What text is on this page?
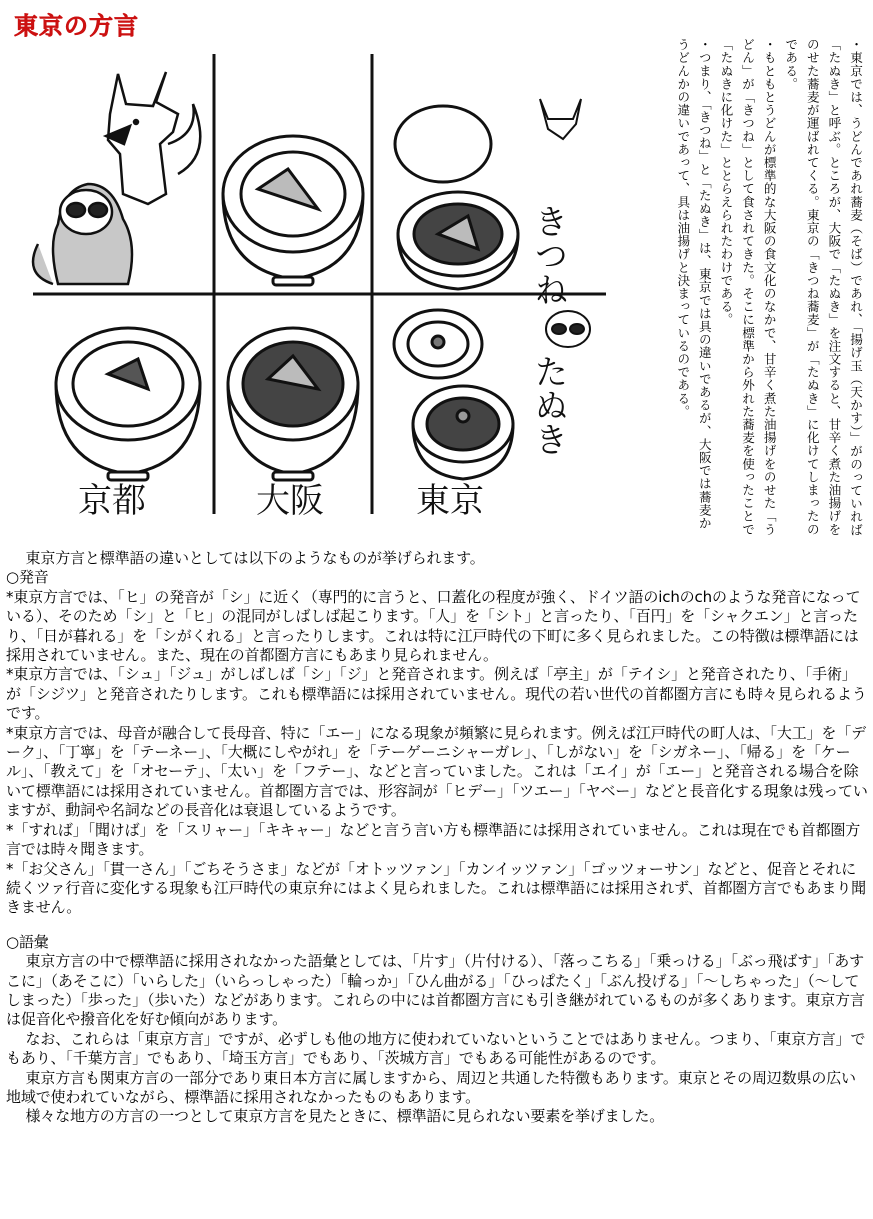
東京の方言
きつね
たぬき
京都	大阪	東京	・東京では、うどんであれ蕎麦（そば）であれ、「揚げ玉（天かす）」がのっていれば「たぬき」と呼ぶ。ところが、大阪で「たぬき」を注文すると、甘辛く煮た油揚げをのせた蕎麦が運ばれてくる。東京の「きつね蕎麦」が「たぬき」に化けてしまったのである。

・もともとうどんが標準的な大阪の食文化のなかで、甘辛く煮た油揚げをのせた「うどん」が「きつね」として食されてきた。そこに標準から外れた蕎麦を使ったことで「たぬきに化けた」ととらえられたわけである。

・つまり、「きつね」と「たぬき」は、東京では具の違いであるが、大阪では蕎麦かうどんかの違いであって、具は油揚げと決まっているのである。

東京方言と標準語の違いとしては以下のようなものが挙げられます。

○発音

*東京方言では、「ヒ」の発音が「シ」に近く（専門的に言うと、口蓋化の程度が強く、ドイツ語のichのchのような発音になっている）、そのため「シ」と「ヒ」の混同がしばしば起こります。「人」を「シト」と言ったり、「百円」を「シャクエン」と言ったり、「日が暮れる」を「シがくれる」と言ったりします。これは特に江戸時代の下町に多く見られました。この特徴は標準語には採用されていません。また、現在の首都圏方言にもあまり見られません。

*東京方言では、「シュ」「ジュ」がしばしば「シ」「ジ」と発音されます。例えば「亭主」が「テイシ」と発音されたり、「手術」が「シジツ」と発音されたりします。これも標準語には採用されていません。現代の若い世代の首都圏方言にも時々見られるようです。

*東京方言では、母音が融合して長母音、特に「エー」になる現象が頻繁に見られます。例えば江戸時代の町人は、「大工」を「デーク」、「丁寧」を「テーネー」、「大概にしやがれ」を「テーゲーニシャーガレ」、「しがない」を「シガネー」、「帰る」を「ケール」、「教えて」を「オセーテ」、「太い」を「フテー」、などと言っていました。これは「エイ」が「エー」と発音される場合を除いて標準語には採用されていません。首都圏方言では、形容詞が「ヒデー」「ツエー」「ヤベー」などと長音化する現象は残っていますが、動詞や名詞などの長音化は衰退しているようです。

*「すれば」「聞けば」を「スリャー」「キキャー」などと言う言い方も標準語には採用されていません。これは現在でも首都圏方言では時々聞きます。

*「お父さん」「貫一さん」「ごちそうさま」などが「オトッツァン」「カンイッツァン」「ゴッツォーサン」などと、促音とそれに続くツァ行音に変化する現象も江戸時代の東京弁にはよく見られました。これは標準語には採用されず、首都圏方言でもあまり聞きません。

○語彙

東京方言の中で標準語に採用されなかった語彙としては、「片す」（片付ける）、「落っこちる」「乗っける」「ぶっ飛ばす」「あすこに」（あそこに）「いらした」（いらっしゃった）「輪っか」「ひん曲がる」「ひっぱたく」「ぶん投げる」「～しちゃった」（～してしまった）「歩った」（歩いた）などがあります。これらの中には首都圏方言にも引き継がれているものが多くあります。東京方言は促音化や撥音化を好む傾向があります。

なお、これらは「東京方言」ですが、必ずしも他の地方に使われていないということではありません。つまり、「東京方言」でもあり、「千葉方言」でもあり、「埼玉方言」でもあり、「茨城方言」でもある可能性があるのです。

東京方言も関東方言の一部分であり東日本方言に属しますから、周辺と共通した特徴もあります。東京とその周辺数県の広い地域で使われていながら、標準語に採用されなかったものもあります。

様々な地方の方言の一つとして東京方言を見たときに、標準語に見られない要素を挙げました。
